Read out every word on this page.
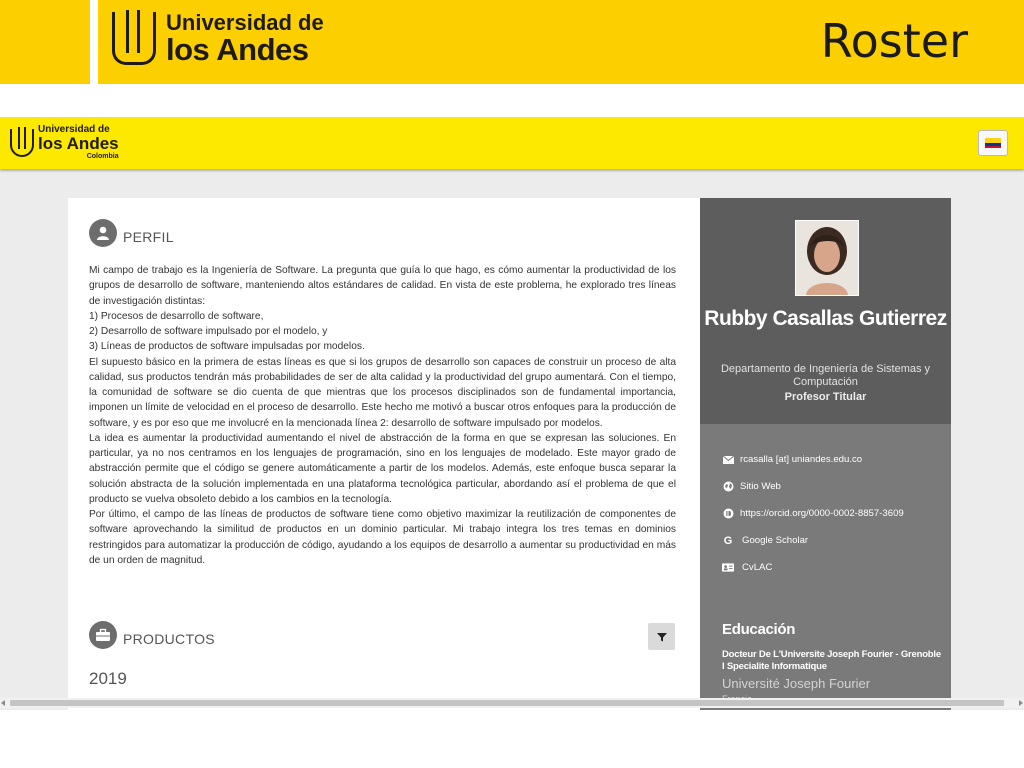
Universidad de
los Andes	Roster
Universidad de
los Andes
Colombia
PERFIL

Mi campo de trabajo es la Ingeniería de Software. La pregunta que guía lo que hago, es cómo aumentar la productividad de los grupos de desarrollo de software, manteniendo altos estándares de calidad. En vista de este problema, he explorado tres líneas de investigación distintas:

1) Procesos de desarrollo de software,

2) Desarrollo de software impulsado por el modelo, y

3) Líneas de productos de software impulsadas por modelos.

El supuesto básico en la primera de estas líneas es que si los grupos de desarrollo son capaces de construir un proceso de alta calidad, sus productos tendrán más probabilidades de ser de alta calidad y la productividad del grupo aumentará. Con el tiempo, la comunidad de software se dio cuenta de que mientras que los procesos disciplinados son de fundamental importancia, imponen un límite de velocidad en el proceso de desarrollo. Este hecho me motivó a buscar otros enfoques para la producción de software, y es por eso que me involucré en la mencionada línea 2: desarrollo de software impulsado por modelos.

La idea es aumentar la productividad aumentando el nivel de abstracción de la forma en que se expresan las soluciones. En particular, ya no nos centramos en los lenguajes de programación, sino en los lenguajes de modelado. Este mayor grado de abstracción permite que el código se genere automáticamente a partir de los modelos. Además, este enfoque busca separar la solución abstracta de la solución implementada en una plataforma tecnológica particular, abordando así el problema de que el producto se vuelva obsoleto debido a los cambios en la tecnología.

Por último, el campo de las líneas de productos de software tiene como objetivo maximizar la reutilización de componentes de software aprovechando la similitud de productos en un dominio particular. Mi trabajo integra los tres temas en dominios restringidos para automatizar la producción de código, ayudando a los equipos de desarrollo a aumentar su productividad en más de un orden de magnitud.

PRODUCTOS
2019
Rubby Casallas Gutierrez
Departamento de Ingeniería de Sistemas y Computación
Profesor Titular
rcasalla [at] uniandes.edu.co
Sitio Web
https://orcid.org/0000-0002-8857-3609
G Google Scholar
CvLAC
Educación
Docteur De L'Universite Joseph Fourier - Grenoble I Specialite Informatique
Université Joseph Fourier
